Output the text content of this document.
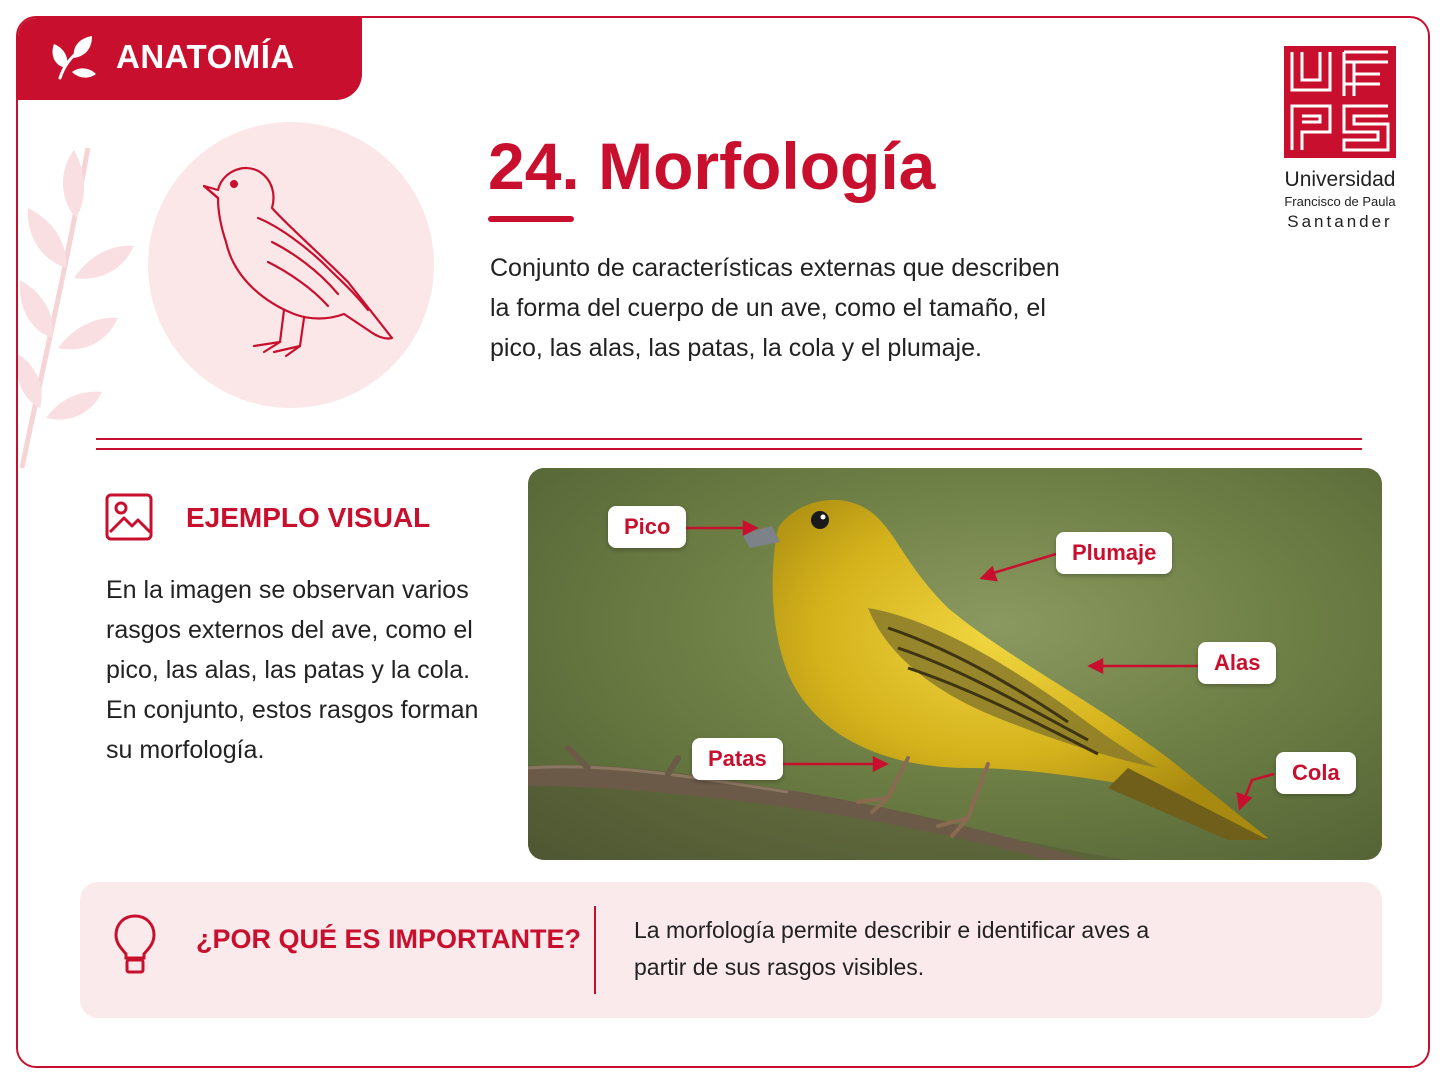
ANATOMÍA
24. Morfología
Conjunto de características externas que describen la forma del cuerpo de un ave, como el tamaño, el pico, las alas, las patas, la cola y el plumaje.
Universidad
Francisco de Paula
Santander
EJEMPLO VISUAL
En la imagen se observan varios rasgos externos del ave, como el pico, las alas, las patas y la cola. En conjunto, estos rasgos forman su morfología.
Pico
Plumaje
Alas
Patas
Cola
¿POR QUÉ ES IMPORTANTE? La morfología permite describir e identificar aves a partir de sus rasgos visibles.
